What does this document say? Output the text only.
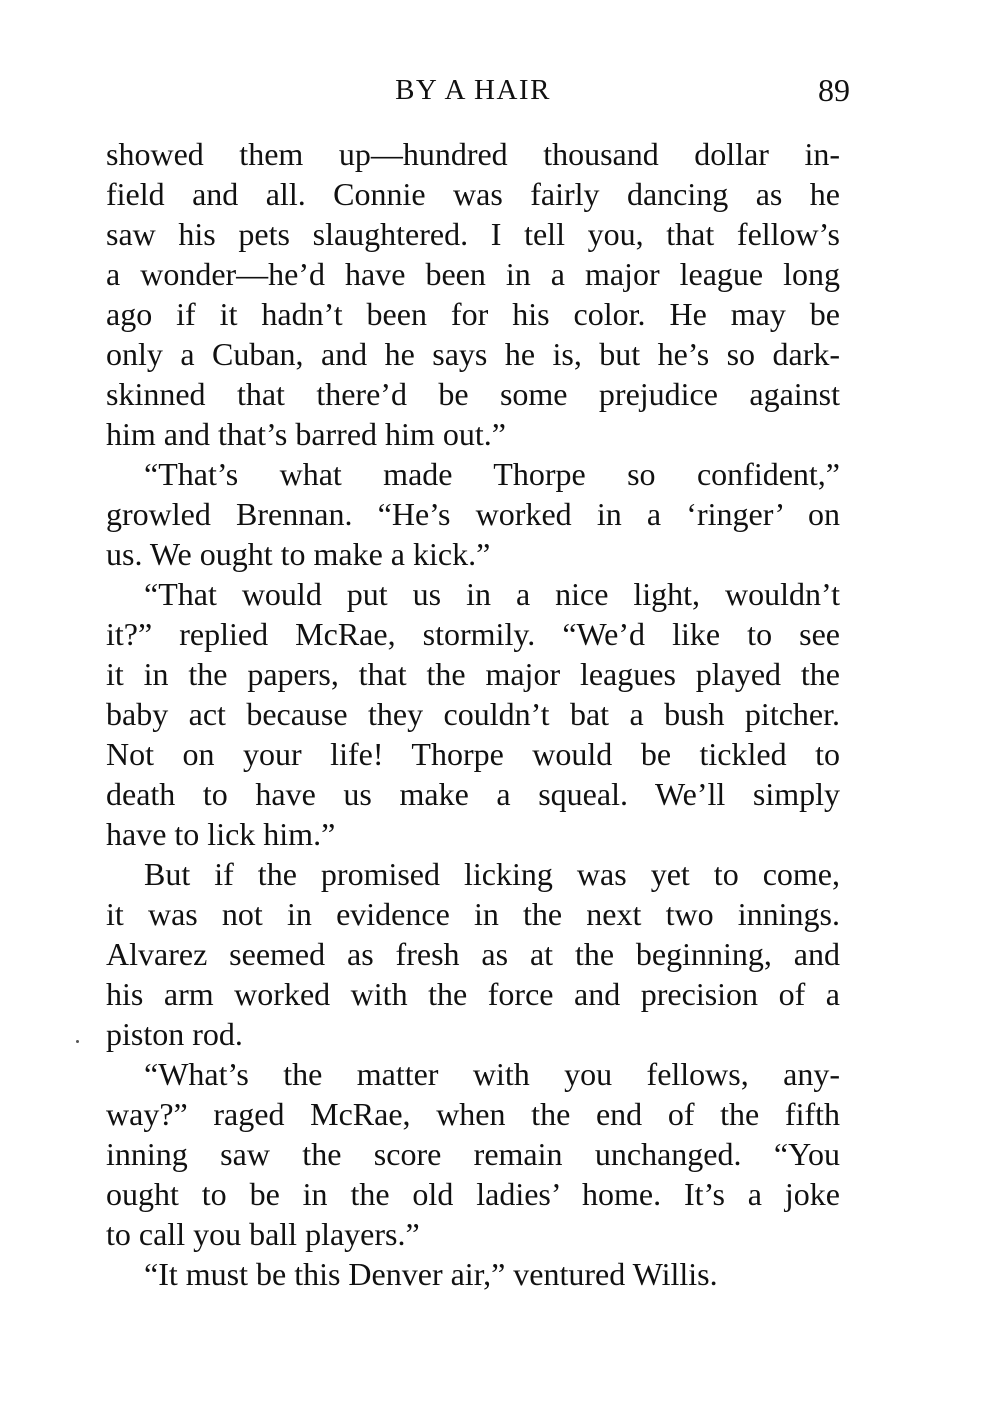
BY A HAIR	89
showed them up—hundred thousand dollar in-
field and all. Connie was fairly dancing as he
saw his pets slaughtered. I tell you, that fellow’s
a wonder—he’d have been in a major league long
ago if it hadn’t been for his color. He may be
only a Cuban, and he says he is, but he’s so dark-
skinned that there’d be some prejudice against
him and that’s barred him out.”
“That’s what made Thorpe so confident,”
growled Brennan. “He’s worked in a ‘ringer’ on
us. We ought to make a kick.”
“That would put us in a nice light, wouldn’t
it?” replied McRae, stormily. “We’d like to see
it in the papers, that the major leagues played the
baby act because they couldn’t bat a bush pitcher.
Not on your life! Thorpe would be tickled to
death to have us make a squeal. We’ll simply
have to lick him.”
But if the promised licking was yet to come,
it was not in evidence in the next two innings.
Alvarez seemed as fresh as at the beginning, and
his arm worked with the force and precision of a
piston rod.
“What’s the matter with you fellows, any-
way?” raged McRae, when the end of the fifth
inning saw the score remain unchanged. “You
ought to be in the old ladies’ home. It’s a joke
to call you ball players.”
“It must be this Denver air,” ventured Willis.
